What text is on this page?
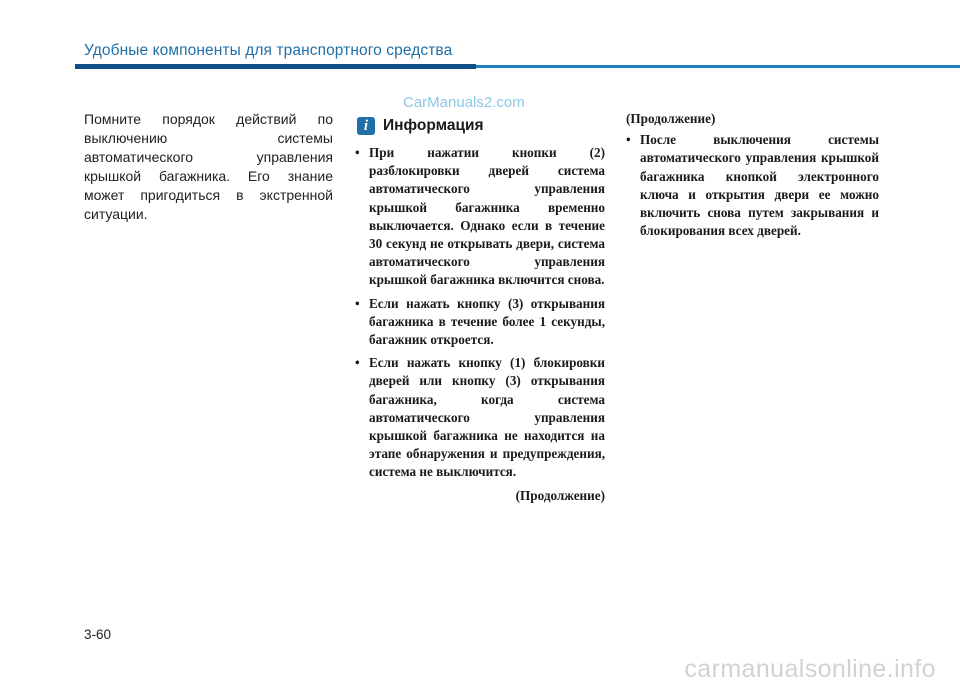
Удобные компоненты для транспортного средства
Помните порядок действий по выключению системы автоматического управления крышкой багажника. Его знание может пригодиться в экстренной ситуации.
CarManuals2.com
i Информация
• При нажатии кнопки (2) разблокировки дверей система автоматического управления крышкой багажника временно выключается. Однако если в течение 30 секунд не открывать двери, система автоматического управления крышкой багажника включится снова.
• Если нажать кнопку (3) открывания багажника в течение более 1 секунды, багажник откроется.
• Если нажать кнопку (1) блокировки дверей или кнопку (3) открывания багажника, когда система автоматического управления крышкой багажника не находится на этапе обнаружения и предупреждения, система не выключится.
(Продолжение)
(Продолжение)
• После выключения системы автоматического управления крышкой багажника кнопкой электронного ключа и открытия двери ее можно включить снова путем закрывания и блокирования всех дверей.
3-60
carmanualsonline.info
